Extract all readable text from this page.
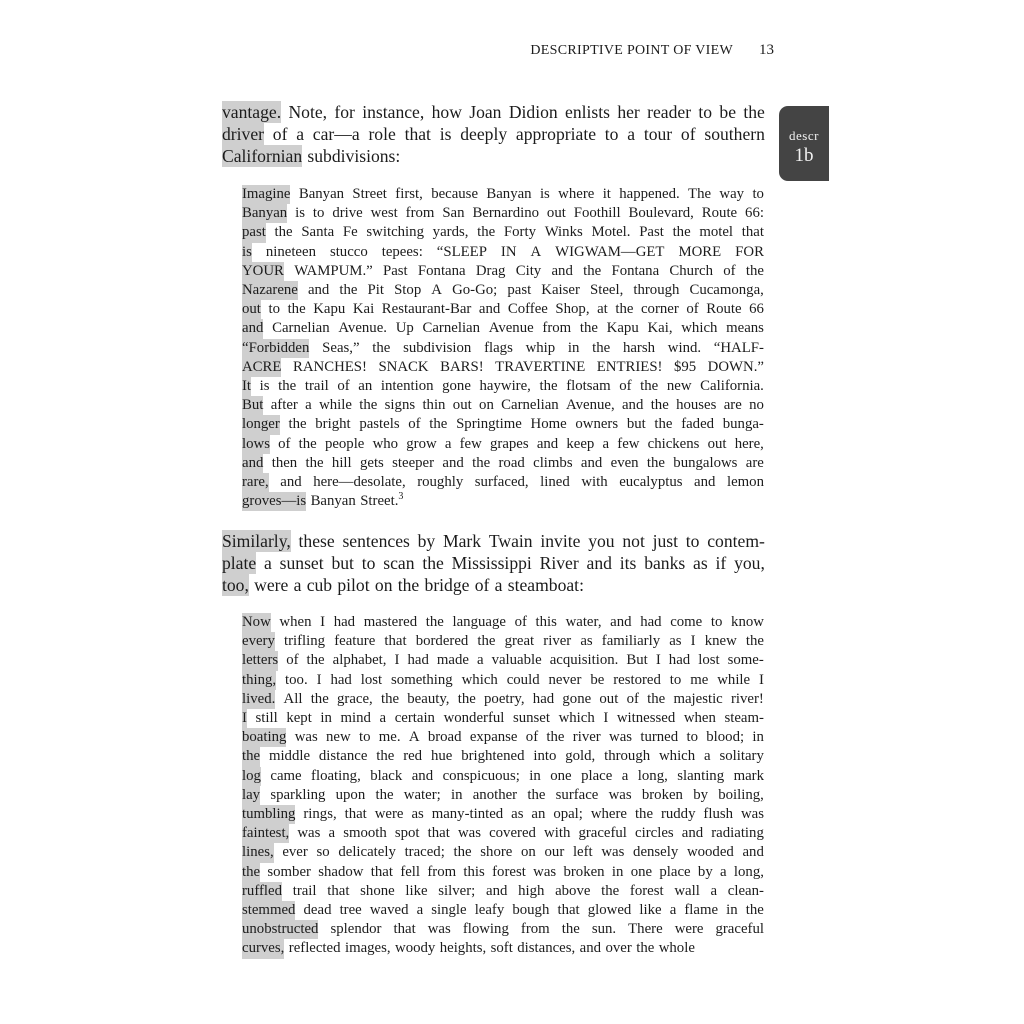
DESCRIPTIVE POINT OF VIEW 13
descr
1b
vantage. Note, for instance, how Joan Didion enlists her reader to be the
driver of a car—a role that is deeply appropriate to a tour of southern
Californian subdivisions:
Imagine Banyan Street first, because Banyan is where it happened. The way to
Banyan is to drive west from San Bernardino out Foothill Boulevard, Route 66:
past the Santa Fe switching yards, the Forty Winks Motel. Past the motel that
is nineteen stucco tepees: “SLEEP IN A WIGWAM—GET MORE FOR
YOUR WAMPUM.” Past Fontana Drag City and the Fontana Church of the
Nazarene and the Pit Stop A Go-Go; past Kaiser Steel, through Cucamonga,
out to the Kapu Kai Restaurant-Bar and Coffee Shop, at the corner of Route 66
and Carnelian Avenue. Up Carnelian Avenue from the Kapu Kai, which means
“Forbidden Seas,” the subdivision flags whip in the harsh wind. “HALF-
ACRE RANCHES! SNACK BARS! TRAVERTINE ENTRIES! $95 DOWN.”
It is the trail of an intention gone haywire, the flotsam of the new California.
But after a while the signs thin out on Carnelian Avenue, and the houses are no
longer the bright pastels of the Springtime Home owners but the faded bunga-
lows of the people who grow a few grapes and keep a few chickens out here,
and then the hill gets steeper and the road climbs and even the bungalows are
rare, and here—desolate, roughly surfaced, lined with eucalyptus and lemon
groves—is Banyan Street.$^3$
Similarly, these sentences by Mark Twain invite you not just to contem-
plate a sunset but to scan the Mississippi River and its banks as if you,
too, were a cub pilot on the bridge of a steamboat:
Now when I had mastered the language of this water, and had come to know
every trifling feature that bordered the great river as familiarly as I knew the
letters of the alphabet, I had made a valuable acquisition. But I had lost some-
thing, too. I had lost something which could never be restored to me while I
lived. All the grace, the beauty, the poetry, had gone out of the majestic river!
I still kept in mind a certain wonderful sunset which I witnessed when steam-
boating was new to me. A broad expanse of the river was turned to blood; in
the middle distance the red hue brightened into gold, through which a solitary
log came floating, black and conspicuous; in one place a long, slanting mark
lay sparkling upon the water; in another the surface was broken by boiling,
tumbling rings, that were as many-tinted as an opal; where the ruddy flush was
faintest, was a smooth spot that was covered with graceful circles and radiating
lines, ever so delicately traced; the shore on our left was densely wooded and
the somber shadow that fell from this forest was broken in one place by a long,
ruffled trail that shone like silver; and high above the forest wall a clean-
stemmed dead tree waved a single leafy bough that glowed like a flame in the
unobstructed splendor that was flowing from the sun. There were graceful
curves, reflected images, woody heights, soft distances, and over the whole
